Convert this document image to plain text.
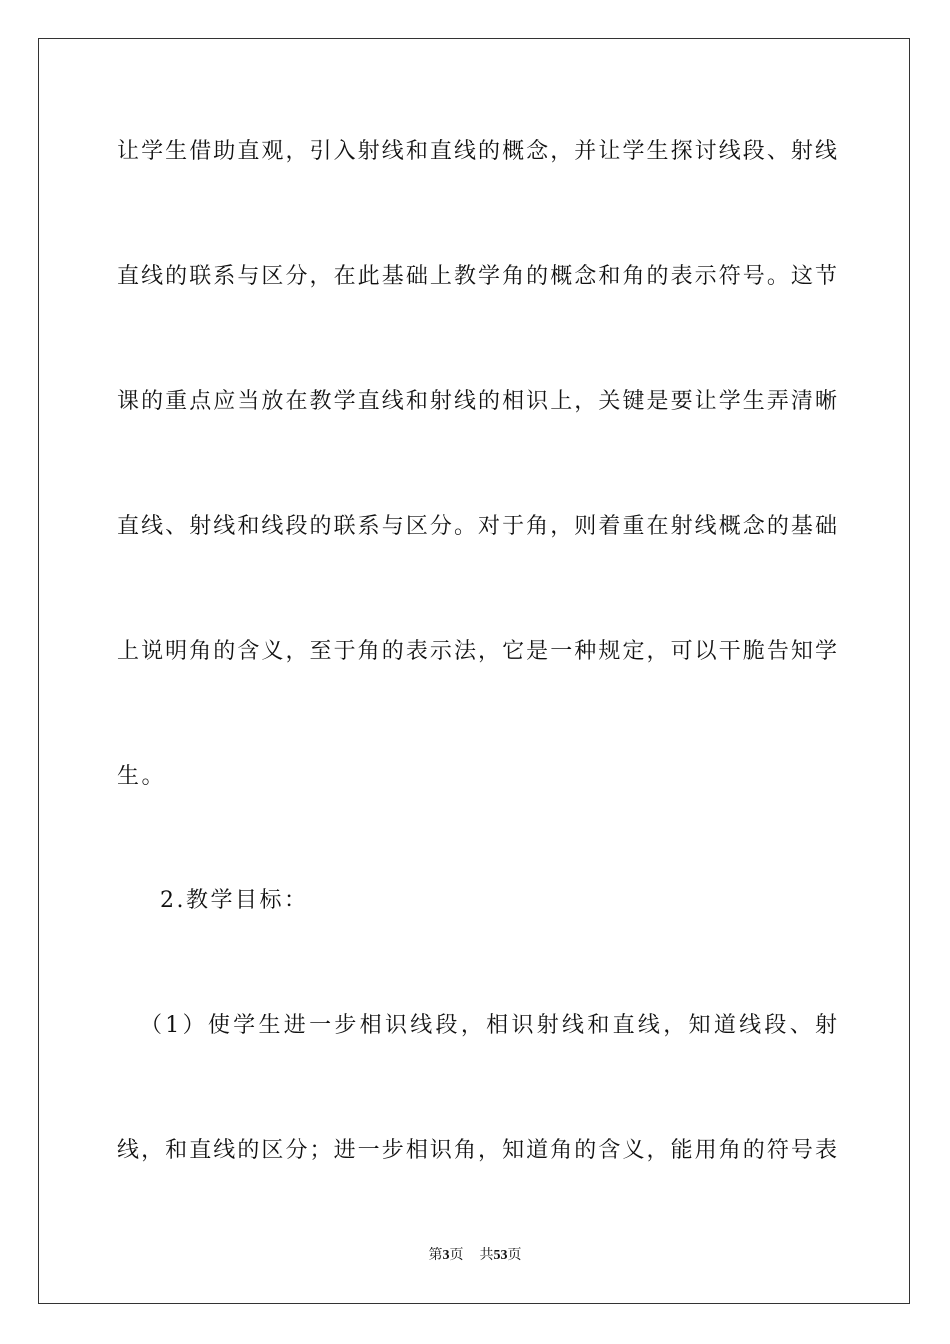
让学生借助直观，引入射线和直线的概念，并让学生探讨线段、射线
直线的联系与区分，在此基础上教学角的概念和角的表示符号。这节
课的重点应当放在教学直线和射线的相识上，关键是要让学生弄清晰
直线、射线和线段的联系与区分。对于角，则着重在射线概念的基础
上说明角的含义，至于角的表示法，它是一种规定，可以干脆告知学
生。
2.教学目标：
（1）使学生进一步相识线段，相识射线和直线，知道线段、射
线，和直线的区分；进一步相识角，知道角的含义，能用角的符号表
第3页 共53页
